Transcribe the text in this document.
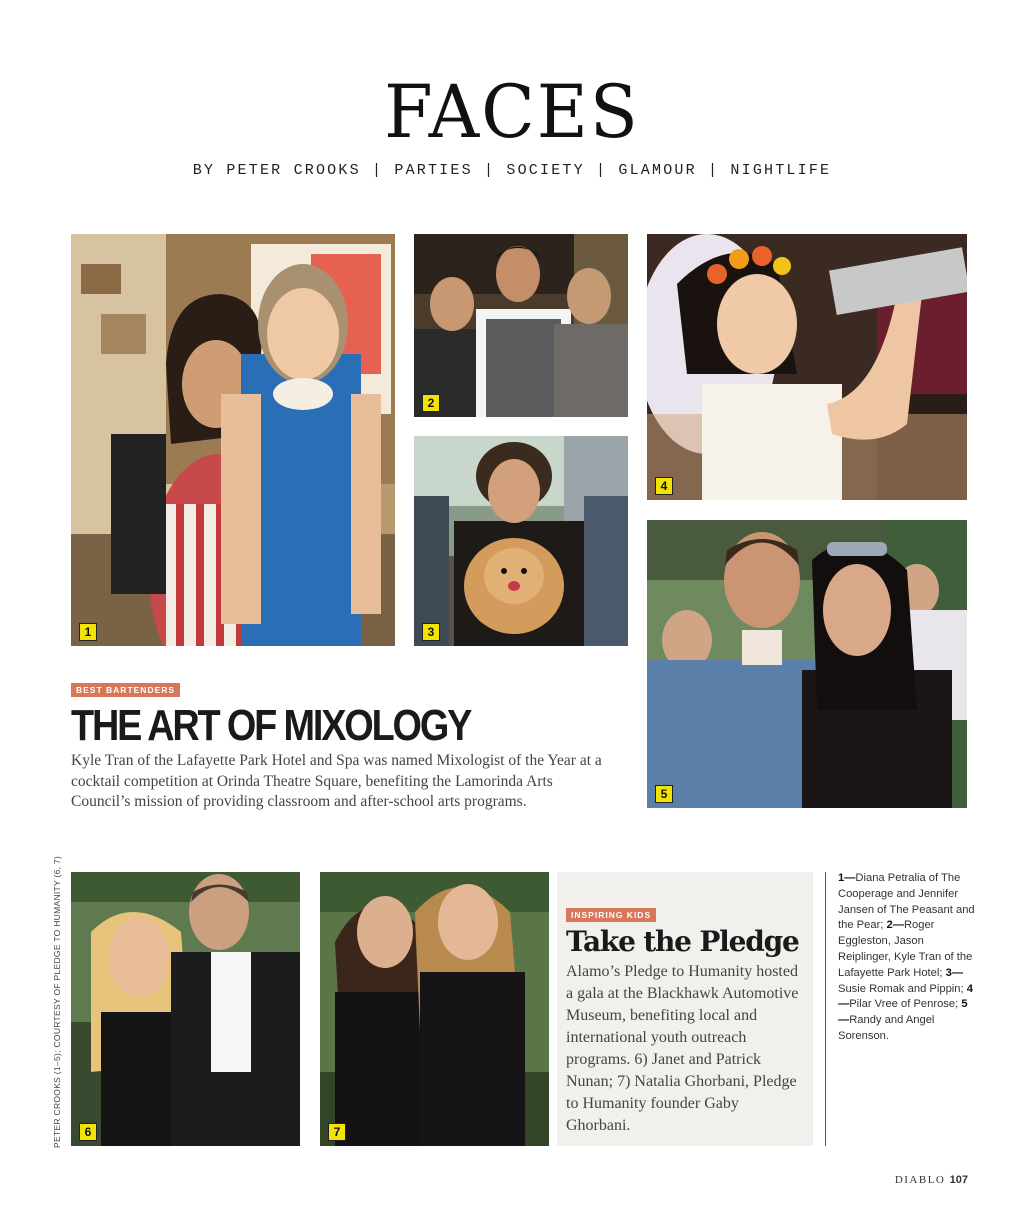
FACES
BY PETER CROOKS | PARTIES | SOCIETY | GLAMOUR | NIGHTLIFE
1
2
3
4
5
BEST BARTENDERS
THE ART OF MIXOLOGY
Kyle Tran of the Lafayette Park Hotel and Spa was named Mixologist of the Year at a cocktail competition at Orinda Theatre Square, benefiting the Lamorinda Arts Council’s mission of providing classroom and after-school arts programs.
6	7
INSPIRING KIDS
Take the Pledge
Alamo’s Pledge to Humanity hosted a gala at the Blackhawk Automotive Museum, benefiting local and international youth outreach programs. 6) Janet and Patrick Nunan; 7) Natalia Ghorbani, Pledge to Humanity founder Gaby Ghorbani.
1—Diana Petralia of The Cooperage and Jennifer Jansen of The Peasant and the Pear; 2—Roger Eggleston, Jason Reiplinger, Kyle Tran of the Lafayette Park Hotel; 3—Susie Romak and Pippin; 4—Pilar Vree of Penrose; 5—Randy and Angel Sorenson.
PETER CROOKS (1–5); COURTESY OF PLEDGE TO HUMANITY (6, 7)
DIABLO 107
